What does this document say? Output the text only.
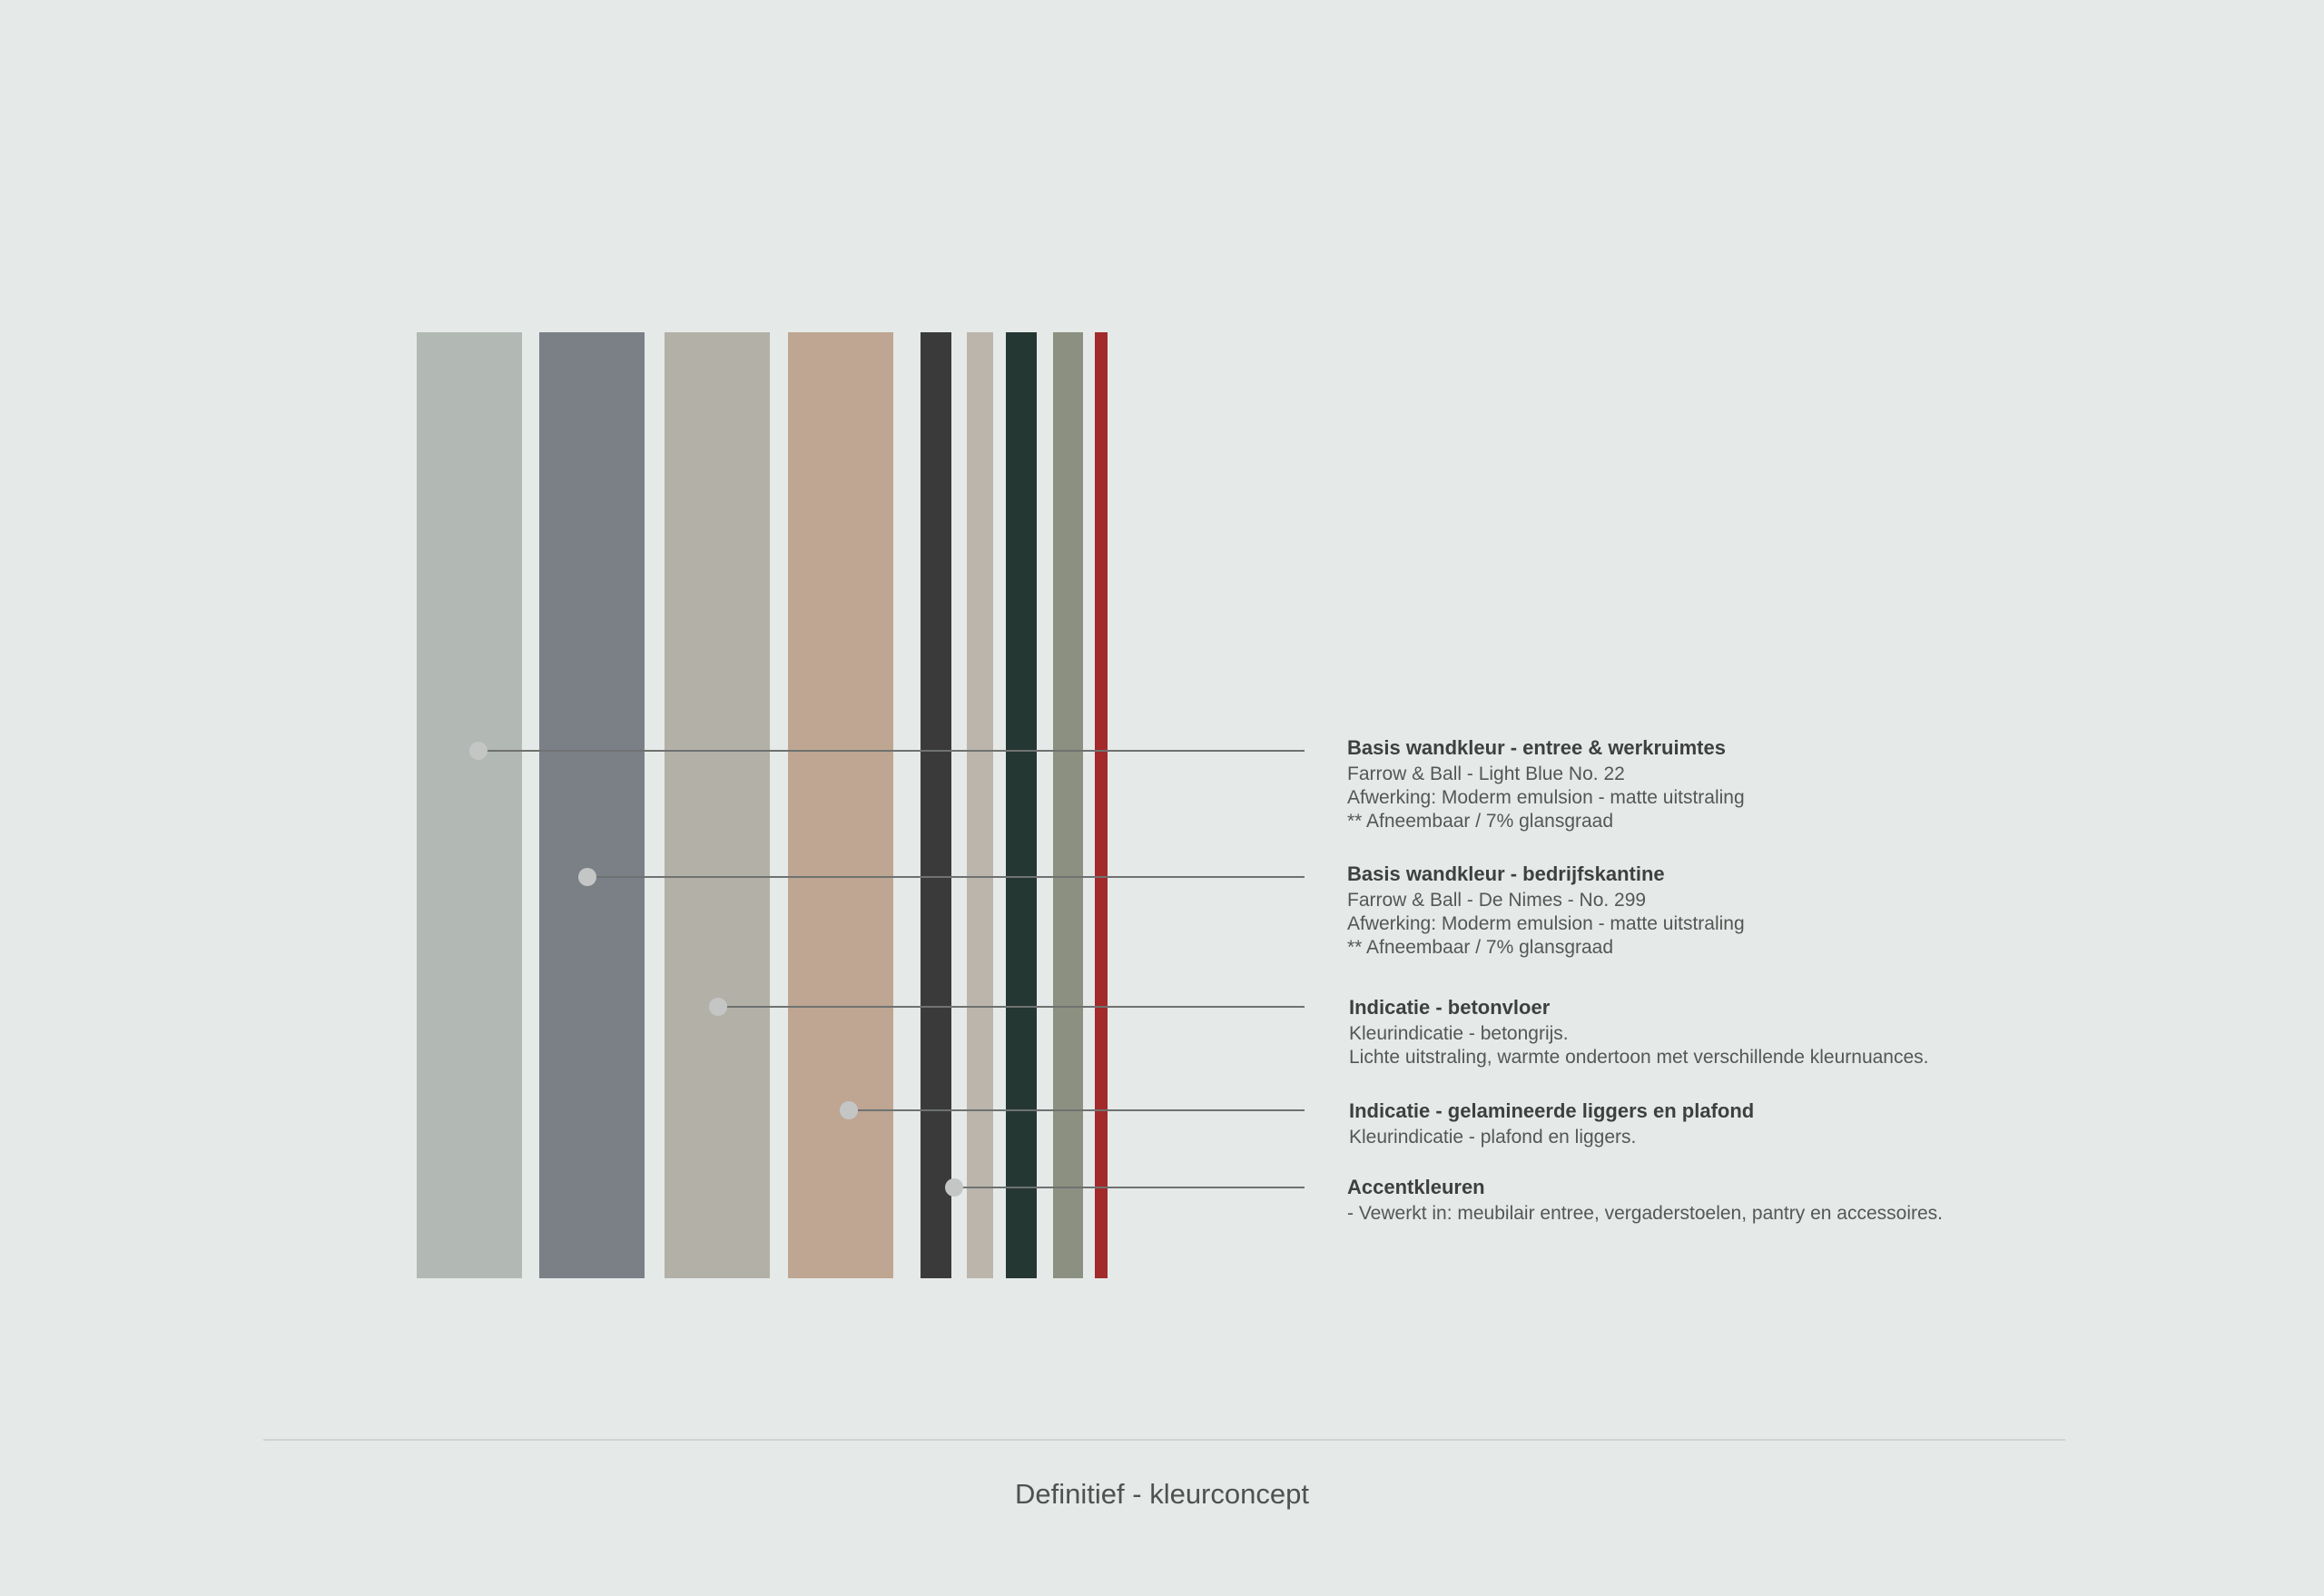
Basis wandkleur - entree & werkruimtes
Farrow & Ball - Light Blue No. 22
Afwerking: Moderm emulsion - matte uitstraling
** Afneembaar / 7% glansgraad
Basis wandkleur - bedrijfskantine
Farrow & Ball - De Nimes - No. 299
Afwerking: Moderm emulsion - matte uitstraling
** Afneembaar / 7% glansgraad
Indicatie - betonvloer
Kleurindicatie - betongrijs.
Lichte uitstraling, warmte ondertoon met verschillende kleurnuances.
Indicatie - gelamineerde liggers en plafond
Kleurindicatie - plafond en liggers.
Accentkleuren
- Vewerkt in: meubilair entree, vergaderstoelen, pantry en accessoires.
Definitief - kleurconcept
